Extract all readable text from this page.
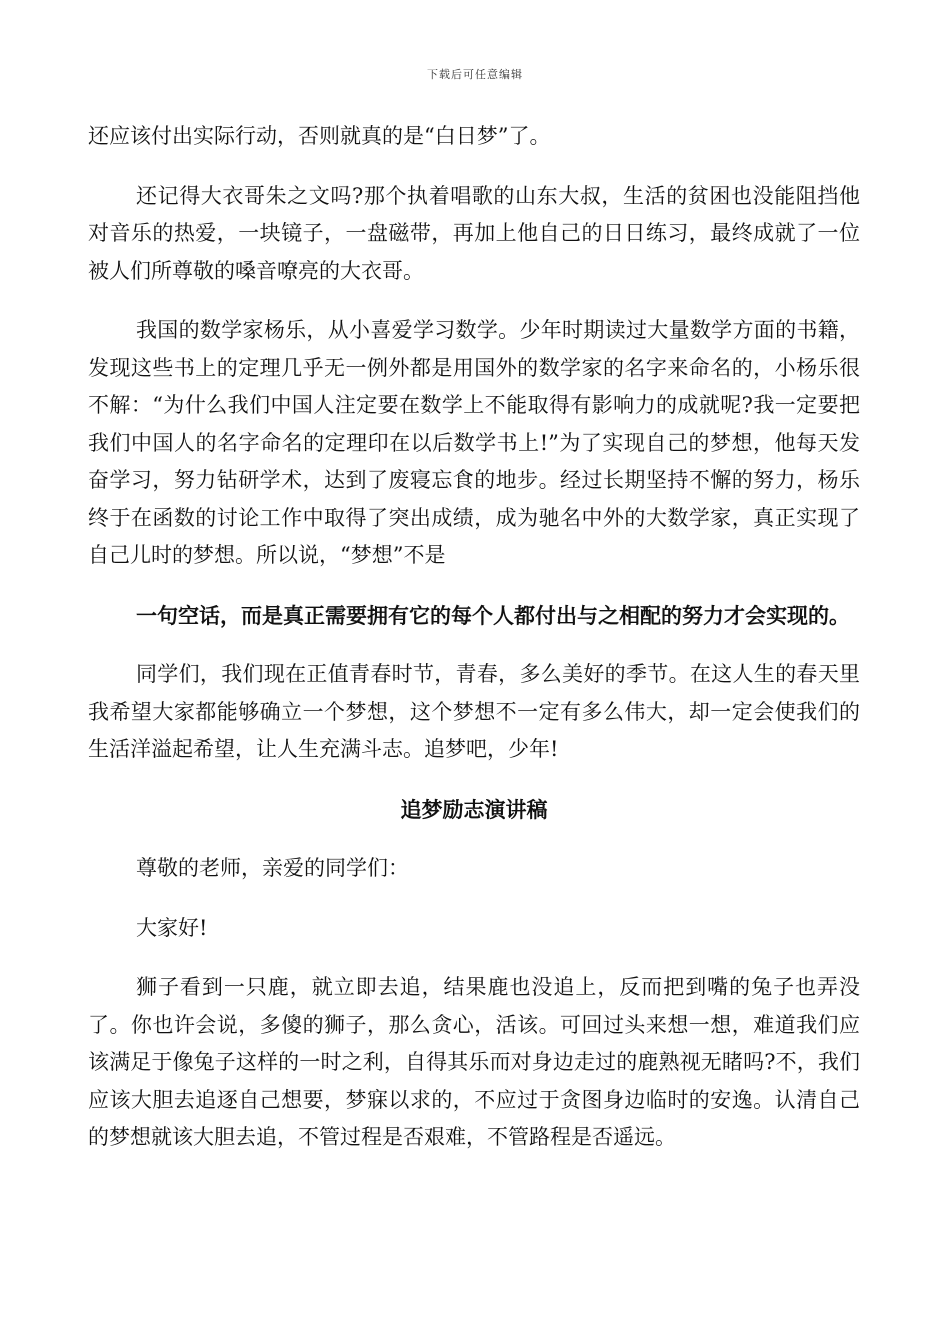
下载后可任意编辑

还应该付出实际行动，否则就真的是“白日梦”了。

还记得大衣哥朱之文吗?那个执着唱歌的山东大叔，生活的贫困也没能阻挡他对音乐的热爱，一块镜子，一盘磁带，再加上他自己的日日练习，最终成就了一位被人们所尊敬的嗓音嘹亮的大衣哥。

我国的数学家杨乐，从小喜爱学习数学。少年时期读过大量数学方面的书籍，发现这些书上的定理几乎无一例外都是用国外的数学家的名字来命名的，小杨乐很不解：“为什么我们中国人注定要在数学上不能取得有影响力的成就呢?我一定要把我们中国人的名字命名的定理印在以后数学书上!”为了实现自己的梦想，他每天发奋学习，努力钻研学术，达到了废寝忘食的地步。经过长期坚持不懈的努力，杨乐终于在函数的讨论工作中取得了突出成绩，成为驰名中外的大数学家，真正实现了自己儿时的梦想。所以说，“梦想”不是

一句空话，而是真正需要拥有它的每个人都付出与之相配的努力才会实现的。

同学们，我们现在正值青春时节，青春，多么美好的季节。在这人生的春天里我希望大家都能够确立一个梦想，这个梦想不一定有多么伟大，却一定会使我们的生活洋溢起希望，让人生充满斗志。追梦吧，少年!

追梦励志演讲稿

尊敬的老师，亲爱的同学们：

大家好!

狮子看到一只鹿，就立即去追，结果鹿也没追上，反而把到嘴的兔子也弄没了。你也许会说，多傻的狮子，那么贪心，活该。可回过头来想一想，难道我们应该满足于像兔子这样的一时之利，自得其乐而对身边走过的鹿熟视无睹吗?不，我们应该大胆去追逐自己想要，梦寐以求的，不应过于贪图身边临时的安逸。认清自己的梦想就该大胆去追，不管过程是否艰难，不管路程是否遥远。
